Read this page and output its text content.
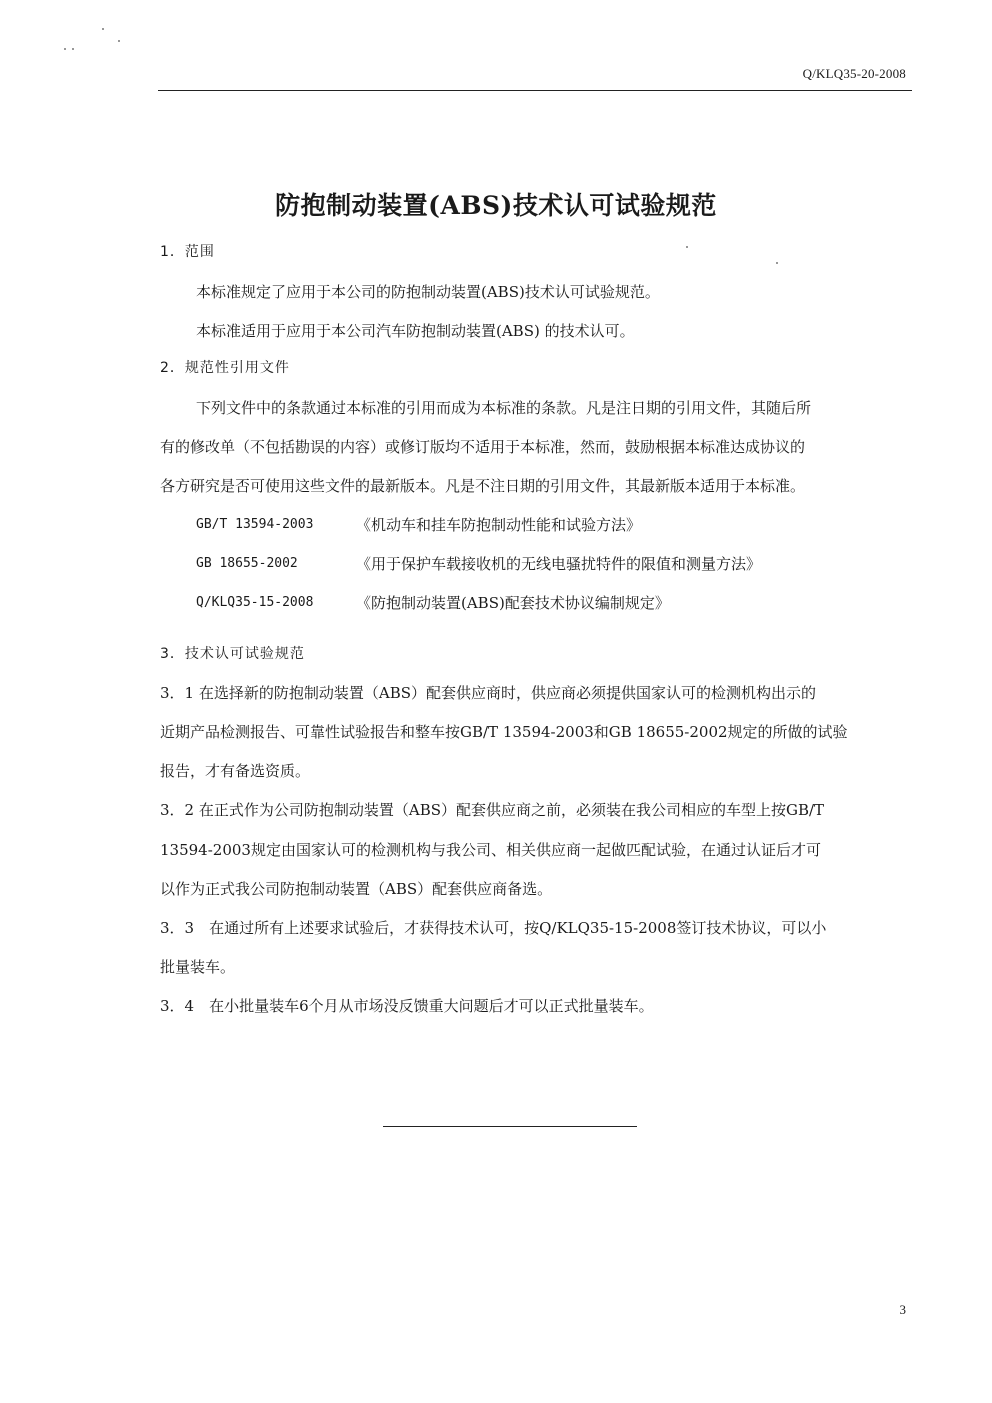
Q/KLQ35-20-2008
防抱制动装置(ABS)技术认可试验规范
1．范围
本标准规定了应用于本公司的防抱制动装置(ABS)技术认可试验规范。
本标准适用于应用于本公司汽车防抱制动装置(ABS) 的技术认可。
2．规范性引用文件
下列文件中的条款通过本标准的引用而成为本标准的条款。凡是注日期的引用文件，其随后所
有的修改单（不包括勘误的内容）或修订版均不适用于本标准，然而，鼓励根据本标准达成协议的
各方研究是否可使用这些文件的最新版本。凡是不注日期的引用文件，其最新版本适用于本标准。
GB/T 13594-2003	《机动车和挂车防抱制动性能和试验方法》
GB 18655-2002	《用于保护车载接收机的无线电骚扰特件的限值和测量方法》
Q/KLQ35-15-2008	《防抱制动装置(ABS)配套技术协议编制规定》
3．技术认可试验规范
3．1 在选择新的防抱制动装置（ABS）配套供应商时，供应商必须提供国家认可的检测机构出示的
近期产品检测报告、可靠性试验报告和整车按GB/T 13594-2003和GB 18655-2002规定的所做的试验
报告，才有备选资质。
3．2 在正式作为公司防抱制动装置（ABS）配套供应商之前，必须装在我公司相应的车型上按GB/T
13594-2003规定由国家认可的检测机构与我公司、相关供应商一起做匹配试验，在通过认证后才可
以作为正式我公司防抱制动装置（ABS）配套供应商备选。
3．3　在通过所有上述要求试验后，才获得技术认可，按Q/KLQ35-15-2008签订技术协议，可以小
批量装车。
3．4　在小批量装车6个月从市场没反馈重大问题后才可以正式批量装车。
3
